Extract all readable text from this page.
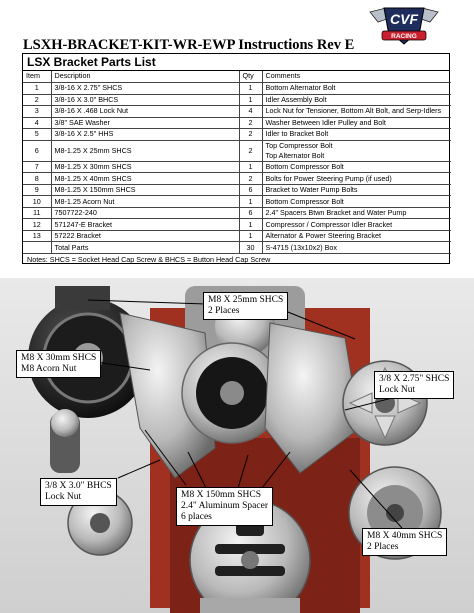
LSXH-BRACKET-KIT-WR-EWP Instructions Rev E
CVF
RACING
LSX Bracket Parts List
Item	Description	Qty	Comments
1	3/8-16 X 2.75" SHCS	1	Bottom Alternator Bolt

2	3/8-16 X 3.0" BHCS	1	Idler Assembly Bolt

3	3/8-16 X .468 Lock Nut	4	Lock Nut for Tensioner, Bottom Alt Bolt, and Serp-Idlers

4	3/8" SAE Washer	2	Washer Between Idler Pulley and Bolt

5	3/8-16 X 2.5" HHS	2	Idler to Bracket Bolt

6	M8-1.25 X 25mm SHCS	2	Top Compressor Bolt
Top Alternator Bolt

7	M8-1.25 X 30mm SHCS	1	Bottom Compressor Bolt

8	M8-1.25 X 40mm SHCS	2	Bolts for Power Steering Pump (if used)

9	M8-1.25 X 150mm SHCS	6	Bracket to Water Pump Bolts

10	M8-1.25 Acorn Nut	1	Bottom Compressor Bolt

11	7507722-240	6	2.4" Spacers Btwn Bracket and Water Pump

12	571247-E Bracket	1	Compressor / Compressor Idler Bracket

13	57222 Bracket	1	Alternator & Power Steering Bracket

	Total Parts	30	S-4715 (13x10x2) Box
Notes: SHCS = Socket Head Cap Screw & BHCS = Button Head Cap Screw
M8 X 25mm SHCS
2 Places
M8 X 30mm SHCS
M8 Acorn Nut
3/8 X 2.75" SHCS
Lock Nut
3/8 X 3.0" BHCS
Lock Nut	M8 X 150mm SHCS
2.4" Aluminum Spacer
6 places
M8 X 40mm SHCS
2 Places
